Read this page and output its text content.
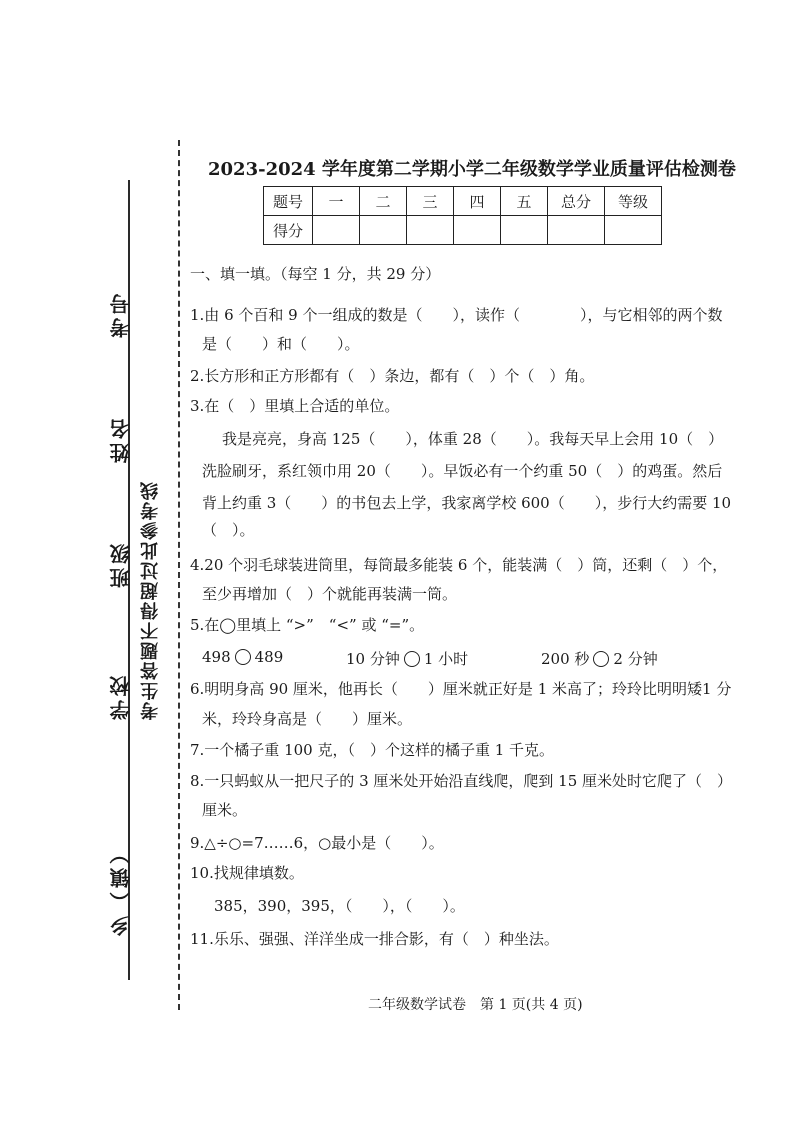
考号
姓名
班级
学校
乡（镇）
考生答题不得超过此参考线
2023-2024 学年度第二学期小学二年级数学学业质量评估检测卷
题号	一	二	三	四	五	总分	等级
得分							
一、填一填。（每空 1 分，共 29 分）
1.由 6 个百和 9 个一组成的数是（　　），读作（　　　　），与它相邻的两个数
是（　　）和（　　）。
2.长方形和正方形都有（　）条边，都有（　）个（　）角。
3.在（　）里填上合适的单位。
我是亮亮，身高 125（　　），体重 28（　　）。我每天早上会用 10（　）
洗脸刷牙，系红领巾用 20（　　）。早饭必有一个约重 50（　）的鸡蛋。然后
背上约重 3（　　）的书包去上学，我家离学校 600（　　），步行大约需要 10
（　）。
4.20 个羽毛球装进筒里，每筒最多能装 6 个，能装满（　）筒，还剩（　）个，
至少再增加（　）个就能再装满一筒。
5.在◯里填上 “>”　“<” 或 “=”。
498 489	10 分钟 1 小时	200 秒 2 分钟
6.明明身高 90 厘米，他再长（　　）厘米就正好是 1 米高了；玲玲比明明矮1 分
米，玲玲身高是（　　）厘米。
7.一个橘子重 100 克，（　）个这样的橘子重 1 千克。
8.一只蚂蚁从一把尺子的 3 厘米处开始沿直线爬，爬到 15 厘米处时它爬了（　）
厘米。
9.△÷○=7……6，○最小是（　　）。
10.找规律填数。
385，390，395，（　　），（　　）。
11.乐乐、强强、洋洋坐成一排合影，有（　）种坐法。
二年级数学试卷　第 1 页(共 4 页)
